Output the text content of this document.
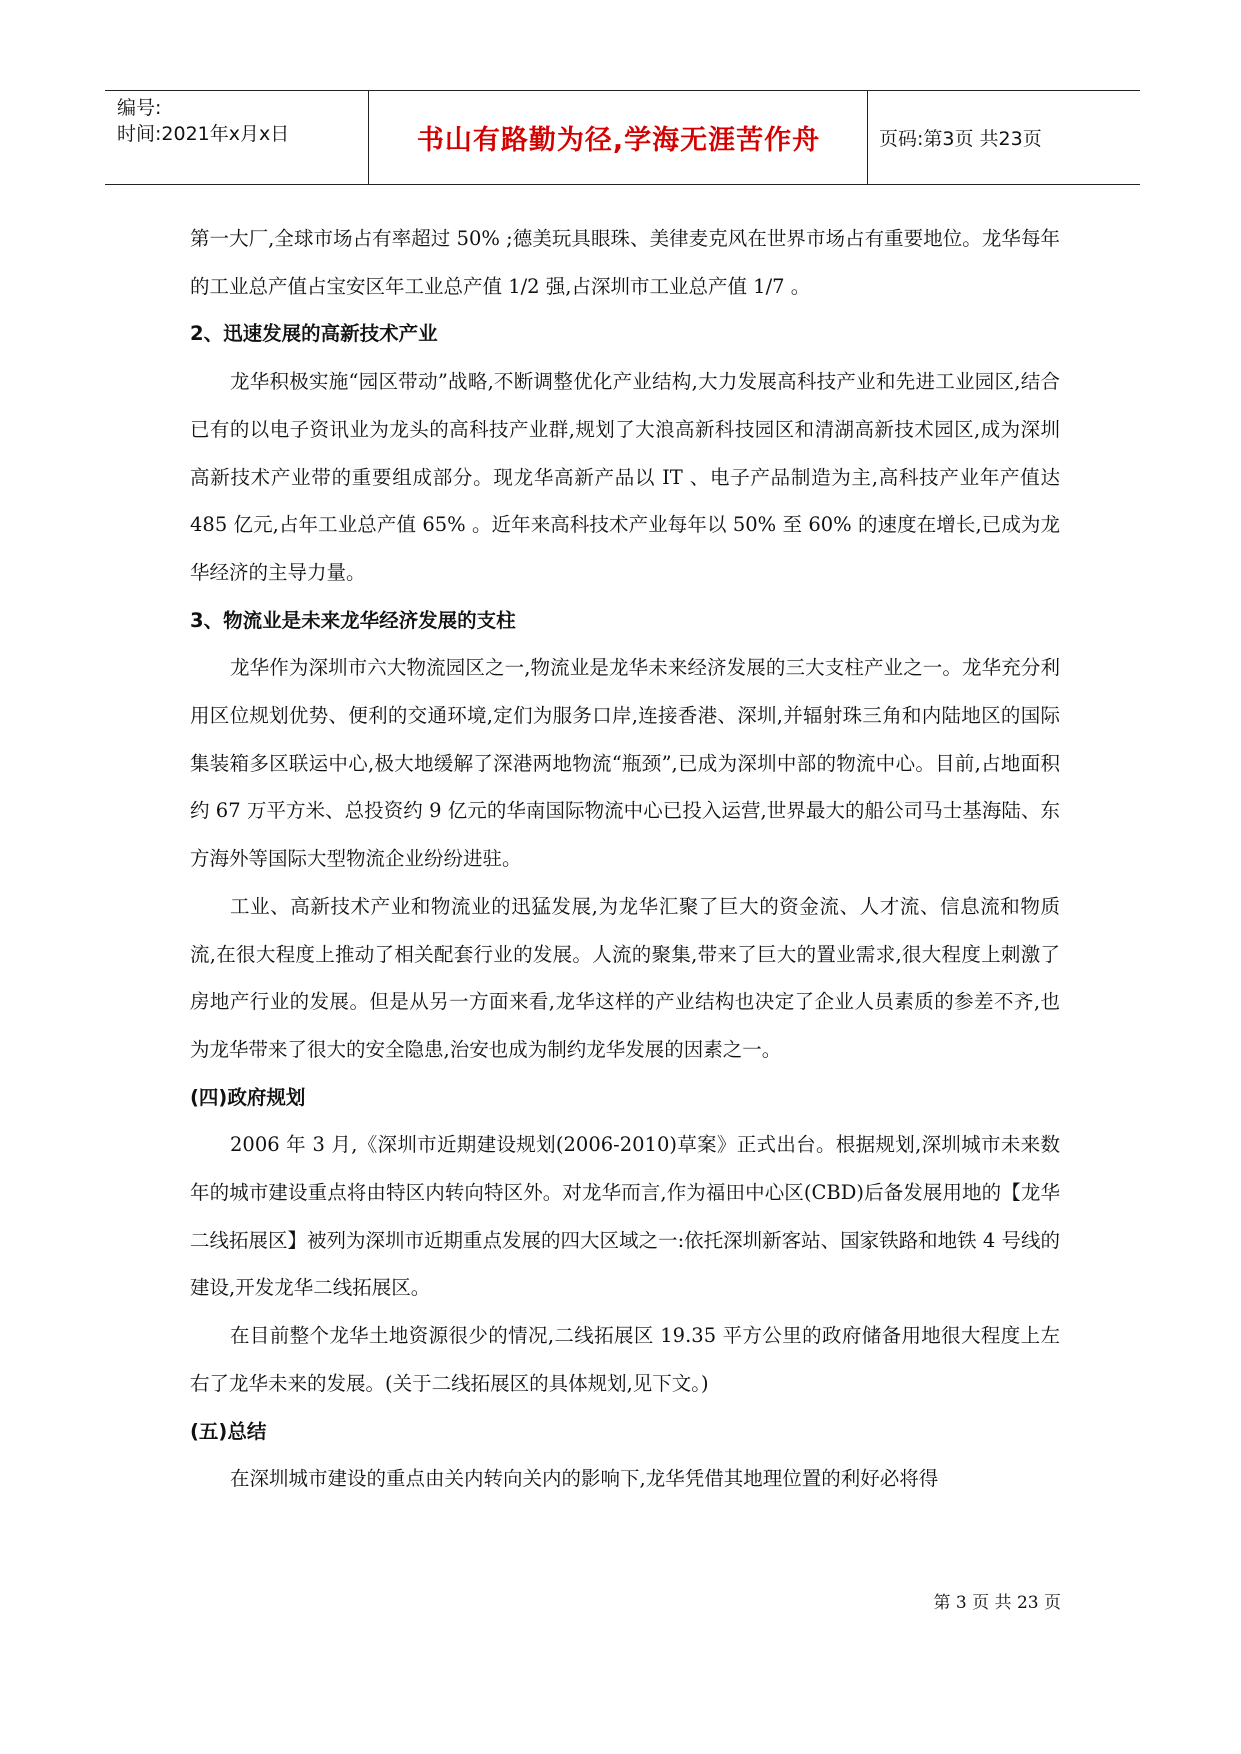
编号:
时间:2021年x月x日	书山有路勤为径,学海无涯苦作舟	页码:第3页 共23页

第一大厂,全球市场占有率超过 50% ;德美玩具眼珠、美律麦克风在世界市场占有重要地位。龙华每年的工业总产值占宝安区年工业总产值 1/2 强,占深圳市工业总产值 1/7 。

2、迅速发展的高新技术产业

龙华积极实施“园区带动”战略,不断调整优化产业结构,大力发展高科技产业和先进工业园区,结合已有的以电子资讯业为龙头的高科技产业群,规划了大浪高新科技园区和清湖高新技术园区,成为深圳高新技术产业带的重要组成部分。现龙华高新产品以 IT 、电子产品制造为主,高科技产业年产值达 485 亿元,占年工业总产值 65% 。近年来高科技术产业每年以 50% 至 60% 的速度在增长,已成为龙华经济的主导力量。

3、物流业是未来龙华经济发展的支柱

龙华作为深圳市六大物流园区之一,物流业是龙华未来经济发展的三大支柱产业之一。龙华充分利用区位规划优势、便利的交通环境,定们为服务口岸,连接香港、深圳,并辐射珠三角和内陆地区的国际集装箱多区联运中心,极大地缓解了深港两地物流“瓶颈”,已成为深圳中部的物流中心。目前,占地面积约 67 万平方米、总投资约 9 亿元的华南国际物流中心已投入运营,世界最大的船公司马士基海陆、东方海外等国际大型物流企业纷纷进驻。

工业、高新技术产业和物流业的迅猛发展,为龙华汇聚了巨大的资金流、人才流、信息流和物质流,在很大程度上推动了相关配套行业的发展。人流的聚集,带来了巨大的置业需求,很大程度上刺激了房地产行业的发展。但是从另一方面来看,龙华这样的产业结构也决定了企业人员素质的参差不齐,也为龙华带来了很大的安全隐患,治安也成为制约龙华发展的因素之一。

(四)政府规划

2006 年 3 月,《深圳市近期建设规划(2006-2010)草案》正式出台。根据规划,深圳城市未来数年的城市建设重点将由特区内转向特区外。对龙华而言,作为福田中心区(CBD)后备发展用地的【龙华二线拓展区】被列为深圳市近期重点发展的四大区域之一:依托深圳新客站、国家铁路和地铁 4 号线的建设,开发龙华二线拓展区。

在目前整个龙华土地资源很少的情况,二线拓展区 19.35 平方公里的政府储备用地很大程度上左右了龙华未来的发展。(关于二线拓展区的具体规划,见下文。)

(五)总结

在深圳城市建设的重点由关内转向关内的影响下,龙华凭借其地理位置的利好必将得

第 3 页 共 23 页
